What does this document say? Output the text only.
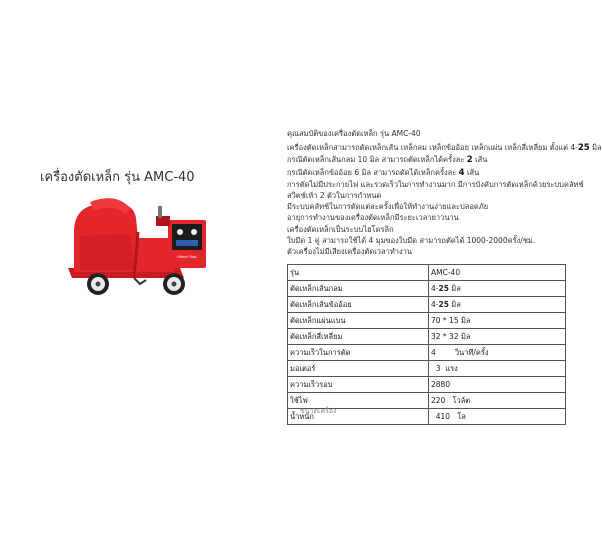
เครื่องตัดเหล็ก รุ่น AMC-40
Hitech Mac

คุณสมบัติของเครื่องตัดเหล็ก รุ่น AMC-40

เครื่องตัดเหล็กสามารถตัดเหล็กเส้น เหล็กลม เหล็กข้ออ้อย เหล็กแผ่น เหล็กสี่เหลี่ยม ตั้งแต่ 4-25 มิล

กรณีตัดเหล็กเส้นกลม 10 มิล สามารถตัดเหล็กได้ครั้งละ 2 เส้น

กรณีตัดเหล็กข้ออ้อย 6 มิล สามารถตัดได้เหล็กครั้งละ 4 เส้น

การตัดไม่มีประกายไฟ และรวดเร็วในการทำงานมาก มีการบังคับการตัดเหล็กด้วยระบบคลัทช์

สวิตช์เท้า 2 ตัวในการกำหนด

มีระบบคลัทช์ในการตัดแต่ละครั้งเพื่อให้ทำงานง่ายและปลอดภัย

อายุการทำงานของเครื่องตัดเหล็กมีระยะเวลายาวนาน

เครื่องตัดเหล็กเป็นระบบไฮโดรลิก

ใบมีด 1 คู่ สามารถใช้ได้ 4 มุมของใบมีด สามารถตัดได้ 1000-2000ครั้ง/ชม.

ตัวเครื่องไม่มีเสียงเครื่องตัดเวลาทำงาน

รุ่น	AMC-40
ตัดเหล็กเส้นกลม	4-25 มิล
ตัดเหล็กเส้นข้ออ้อย	4-25 มิล
ตัดเหล็กแผ่นแบน	70 * 15 มิล
ตัดเหล็กสี่เหลี่ยม	32 * 32 มิล
ความเร็วในการตัด	4        วินาที/ครั้ง
มอเตอร์	3  แรง
ความเร็วรอบ	2880
ใช้ไฟ	220   โวล์ต
น้ำหนัก	410   โล
ขนาดเครื่อง
